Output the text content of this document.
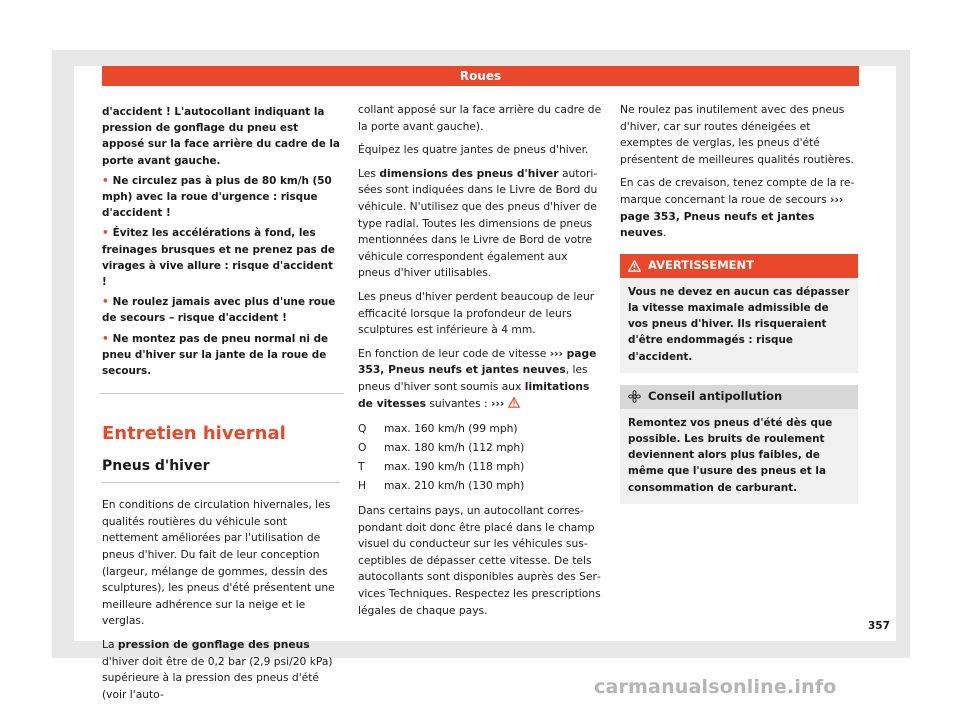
Roues

d'accident ! L'autocollant indiquant la pression de gonflage du pneu est apposé sur la face arrière du cadre de la porte avant gauche.

• Ne circulez pas à plus de 80 km/h (50 mph) avec la roue d'urgence : risque d'accident !

• Évitez les accélérations à fond, les freinages brusques et ne prenez pas de virages à vive allure : risque d'accident !

• Ne roulez jamais avec plus d'une roue de secours – risque d'accident !

• Ne montez pas de pneu normal ni de pneu d'hiver sur la jante de la roue de secours.

Entretien hivernal
Pneus d'hiver

En conditions de circulation hivernales, les qualités routières du véhicule sont nettement améliorées par l'utilisation de pneus d'hiver. Du fait de leur conception (largeur, mélange de gommes, dessin des sculptures), les pneus d'été présentent une meilleure adhérence sur la neige et le verglas.

La pression de gonflage des pneus d'hiver doit être de 0,2 bar (2,9 psi/20 kPa) supérieure à la pression des pneus d'été (voir l'auto-

collant apposé sur la face arrière du cadre de la porte avant gauche).

Équipez les quatre jantes de pneus d'hiver.

Les dimensions des pneus d'hiver autorisées sont indiquées dans le Livre de Bord du véhicule. N'utilisez que des pneus d'hiver de type radial. Toutes les dimensions de pneus mentionnées dans le Livre de Bord de votre véhicule correspondent également aux pneus d'hiver utilisables.

Les pneus d'hiver perdent beaucoup de leur efficacité lorsque la profondeur de leurs sculptures est inférieure à 4 mm.

En fonction de leur code de vitesse ››› page 353, Pneus neufs et jantes neuves, les pneus d'hiver sont soumis aux limitations de vitesses suivantes : ›››

Q	max. 160 km/h (99 mph)
O	max. 180 km/h (112 mph)
T	max. 190 km/h (118 mph)
H	max. 210 km/h (130 mph)

Dans certains pays, un autocollant correspondant doit donc être placé dans le champ visuel du conducteur sur les véhicules susceptibles de dépasser cette vitesse. De tels autocollants sont disponibles auprès des Services Techniques. Respectez les prescriptions légales de chaque pays.

Ne roulez pas inutilement avec des pneus d'hiver, car sur routes déneigées et exemptes de verglas, les pneus d'été présentent de meilleures qualités routières.

En cas de crevaison, tenez compte de la remarque concernant la roue de secours ››› page 353, Pneus neufs et jantes neuves.

AVERTISSEMENT
Vous ne devez en aucun cas dépasser la vitesse maximale admissible de vos pneus d'hiver. Ils risqueraient d'être endommagés : risque d'accident.
Conseil antipollution
Remontez vos pneus d'été dès que possible. Les bruits de roulement deviennent alors plus faibles, de même que l'usure des pneus et la consommation de carburant.
357
carmanualsonline.info
